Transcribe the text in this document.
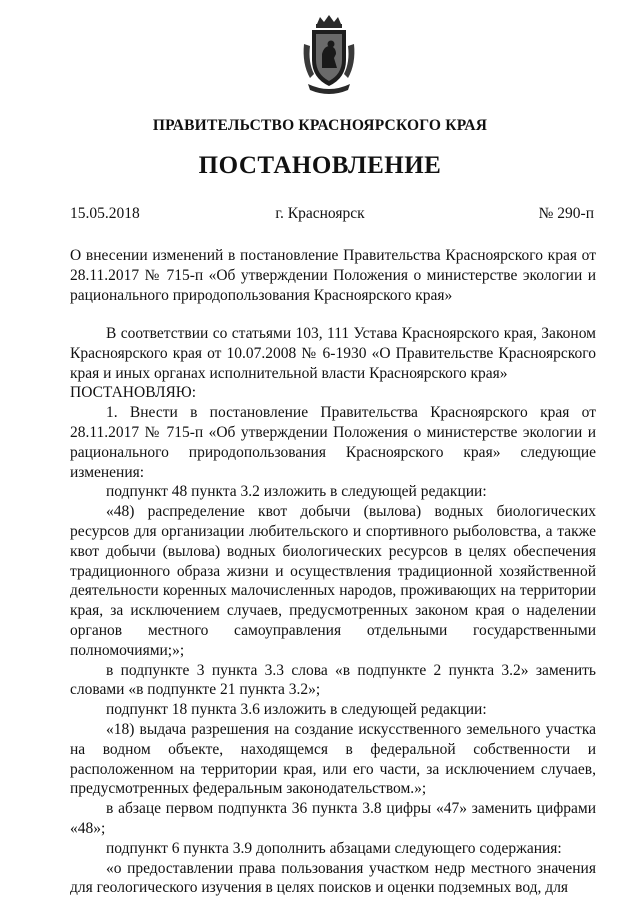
ПРАВИТЕЛЬСТВО КРАСНОЯРСКОГО КРАЯ
ПОСТАНОВЛЕНИЕ
15.05.2018	г. Красноярск	№ 290-п
О внесении изменений в постановление Правительства Красноярского края от 28.11.2017 № 715-п «Об утверждении Положения о министерстве экологии и рационального природопользования Красноярского края»

В соответствии со статьями 103, 111 Устава Красноярского края, Законом Красноярского края от 10.07.2008 № 6-1930 «О Правительстве Красноярского края и иных органах исполнительной власти Красноярского края»

ПОСТАНОВЛЯЮ:

1. Внести в постановление Правительства Красноярского края от 28.11.2017 № 715-п «Об утверждении Положения о министерстве экологии и рационального природопользования Красноярского края» следующие изменения:

подпункт 48 пункта 3.2 изложить в следующей редакции:

«48) распределение квот добычи (вылова) водных биологических ресурсов для организации любительского и спортивного рыболовства, а также квот добычи (вылова) водных биологических ресурсов в целях обеспечения традиционного образа жизни и осуществления традиционной хозяйственной деятельности коренных малочисленных народов, проживающих на территории края, за исключением случаев, предусмотренных законом края о наделении органов местного самоуправления отдельными государственными полномочиями;»;

в подпункте 3 пункта 3.3 слова «в подпункте 2 пункта 3.2» заменить словами «в подпункте 21 пункта 3.2»;

подпункт 18 пункта 3.6 изложить в следующей редакции:

«18) выдача разрешения на создание искусственного земельного участка на водном объекте, находящемся в федеральной собственности и расположенном на территории края, или его части, за исключением случаев, предусмотренных федеральным законодательством.»;

в абзаце первом подпункта 36 пункта 3.8 цифры «47» заменить цифрами «48»;

подпункт 6 пункта 3.9 дополнить абзацами следующего содержания:

«о предоставлении права пользования участком недр местного значения для геологического изучения в целях поисков и оценки подземных вод, для
